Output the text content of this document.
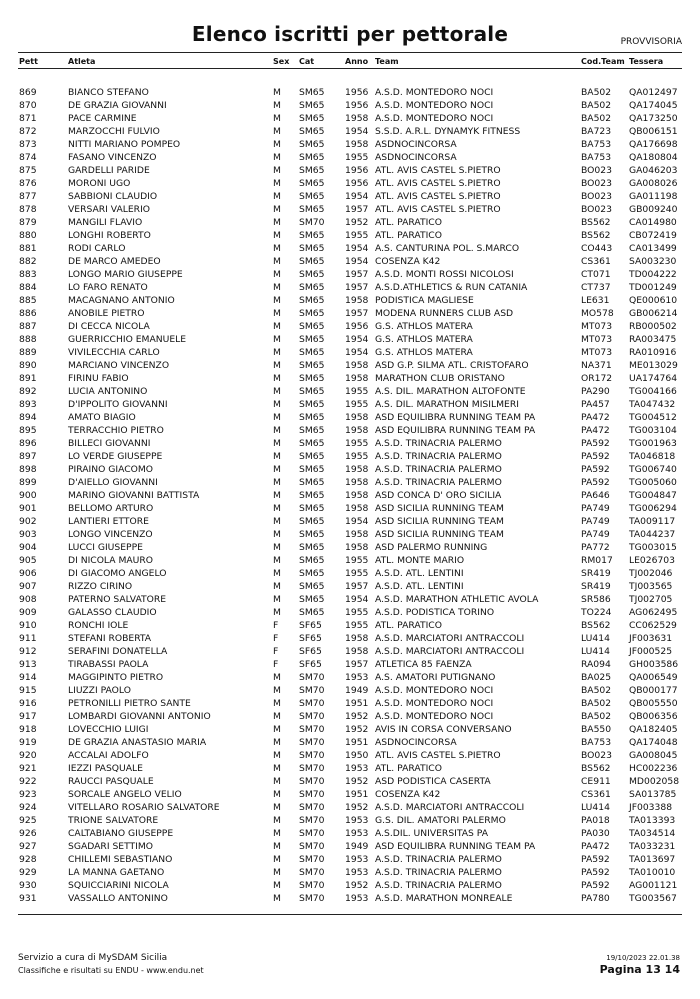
Elenco iscritti per pettorale	PROVVISORIA
Pett	Atleta	Sex Cat	Anno Team	Cod.Team Tessera
869	BIANCO STEFANO	M SM65 1956 A.S.D. MONTEDORO NOCI	BA502 QA012497
870	DE GRAZIA GIOVANNI	M SM65 1956 A.S.D. MONTEDORO NOCI	BA502 QA174045
871	PACE CARMINE	M SM65 1958 A.S.D. MONTEDORO NOCI	BA502 QA173250
872	MARZOCCHI FULVIO	M SM65 1954 S.S.D. A.R.L. DYNAMYK FITNESS	BA723 QB006151
873	NITTI MARIANO POMPEO	M SM65 1958 ASDNOCINCORSA	BA753 QA176698
874	FASANO VINCENZO	M SM65 1955 ASDNOCINCORSA	BA753 QA180804
875	GARDELLI PARIDE	M SM65 1956 ATL. AVIS CASTEL S.PIETRO	BO023 GA046203
876	MORONI UGO	M SM65 1956 ATL. AVIS CASTEL S.PIETRO	BO023 GA008026
877	SABBIONI CLAUDIO	M SM65 1954 ATL. AVIS CASTEL S.PIETRO	BO023 GA011198
878	VERSARI VALERIO	M SM65 1957 ATL. AVIS CASTEL S.PIETRO	BO023 GB009240
879	MANGILI FLAVIO	M SM70 1952 ATL. PARATICO	BS562 CA014980
880	LONGHI ROBERTO	M SM65 1955 ATL. PARATICO	BS562 CB072419
881	RODI CARLO	M SM65 1954 A.S. CANTURINA POL. S.MARCO	CO443 CA013499
882	DE MARCO AMEDEO	M SM65 1954 COSENZA K42	CS361 SA003230
883	LONGO MARIO GIUSEPPE	M SM65 1957 A.S.D. MONTI ROSSI NICOLOSI	CT071 TD004222
884	LO FARO RENATO	M SM65 1957 A.S.D.ATHLETICS & RUN CATANIA	CT737 TD001249
885	MACAGNANO ANTONIO	M SM65 1958 PODISTICA MAGLIESE	LE631 QE000610
886	ANOBILE PIETRO	M SM65 1957 MODENA RUNNERS CLUB ASD	MO578 GB006214
887	DI CECCA NICOLA	M SM65 1956 G.S. ATHLOS MATERA	MT073 RB000502
888	GUERRICCHIO EMANUELE	M SM65 1954 G.S. ATHLOS MATERA	MT073 RA003475
889	VIVILECCHIA CARLO	M SM65 1954 G.S. ATHLOS MATERA	MT073 RA010916
890	MARCIANO VINCENZO	M SM65 1958 ASD G.P. SILMA ATL. CRISTOFARO	NA371 ME013029
891	FIRINU FABIO	M SM65 1958 MARATHON CLUB ORISTANO	OR172 UA174764
892	LUCIA ANTONINO	M SM65 1955 A.S. DIL. MARATHON ALTOFONTE	PA290 TG004166
893	D'IPPOLITO GIOVANNI	M SM65 1955 A.S. DIL. MARATHON MISILMERI	PA457 TA047432
894	AMATO BIAGIO	M SM65 1958 ASD EQUILIBRA RUNNING TEAM PA	PA472 TG004512
895	TERRACCHIO PIETRO	M SM65 1958 ASD EQUILIBRA RUNNING TEAM PA	PA472 TG003104
896	BILLECI GIOVANNI	M SM65 1955 A.S.D. TRINACRIA PALERMO	PA592 TG001963
897	LO VERDE GIUSEPPE	M SM65 1955 A.S.D. TRINACRIA PALERMO	PA592 TA046818
898	PIRAINO GIACOMO	M SM65 1958 A.S.D. TRINACRIA PALERMO	PA592 TG006740
899	D'AIELLO GIOVANNI	M SM65 1958 A.S.D. TRINACRIA PALERMO	PA592 TG005060
900	MARINO GIOVANNI BATTISTA	M SM65 1958 ASD CONCA D' ORO SICILIA	PA646 TG004847
901	BELLOMO ARTURO	M SM65 1958 ASD SICILIA RUNNING TEAM	PA749 TG006294
902	LANTIERI ETTORE	M SM65 1954 ASD SICILIA RUNNING TEAM	PA749 TA009117
903	LONGO VINCENZO	M SM65 1958 ASD SICILIA RUNNING TEAM	PA749 TA044237
904	LUCCI GIUSEPPE	M SM65 1958 ASD PALERMO RUNNING	PA772 TG003015
905	DI NICOLA MAURO	M SM65 1955 ATL. MONTE MARIO	RM017 LE026703
906	DI GIACOMO ANGELO	M SM65 1955 A.S.D. ATL. LENTINI	SR419 TJ002046
907	RIZZO CIRINO	M SM65 1957 A.S.D. ATL. LENTINI	SR419 TJ003565
908	PATERNO SALVATORE	M SM65 1954 A.S.D. MARATHON ATHLETIC AVOLA	SR586 TJ002705
909	GALASSO CLAUDIO	M SM65 1955 A.S.D. PODISTICA TORINO	TO224 AG062495
910	RONCHI IOLE	F SF65	1955 ATL. PARATICO	BS562 CC062529
911	STEFANI ROBERTA	F SF65	1958 A.S.D. MARCIATORI ANTRACCOLI	LU414 JF003631
912	SERAFINI DONATELLA	F SF65	1958 A.S.D. MARCIATORI ANTRACCOLI	LU414 JF000525
913	TIRABASSI PAOLA	F SF65	1957 ATLETICA 85 FAENZA	RA094 GH003586
914	MAGGIPINTO PIETRO	M SM70 1953 A.S. AMATORI PUTIGNANO	BA025 QA006549
915	LIUZZI PAOLO	M SM70 1949 A.S.D. MONTEDORO NOCI	BA502 QB000177
916	PETRONILLI PIETRO SANTE	M SM70 1951 A.S.D. MONTEDORO NOCI	BA502 QB005550
917	LOMBARDI GIOVANNI ANTONIO	M SM70 1952 A.S.D. MONTEDORO NOCI	BA502 QB006356
918	LOVECCHIO LUIGI	M SM70 1952 AVIS IN CORSA CONVERSANO	BA550 QA182405
919	DE GRAZIA ANASTASIO MARIA	M SM70 1951 ASDNOCINCORSA	BA753 QA174048
920	ACCALAI ADOLFO	M SM70 1950 ATL. AVIS CASTEL S.PIETRO	BO023 GA008045
921	IEZZI PASQUALE	M SM70 1953 ATL. PARATICO	BS562 HC002236
922	RAUCCI PASQUALE	M SM70 1952 ASD PODISTICA CASERTA	CE911 MD002058
923	SORCALE ANGELO VELIO	M SM70 1951 COSENZA K42	CS361 SA013785
924	VITELLARO ROSARIO SALVATORE	M SM70 1952 A.S.D. MARCIATORI ANTRACCOLI	LU414 JF003388
925	TRIONE SALVATORE	M SM70 1953 G.S. DIL. AMATORI PALERMO	PA018 TA013393
926	CALTABIANO GIUSEPPE	M SM70 1953 A.S.DIL. UNIVERSITAS PA	PA030 TA034514
927	SGADARI SETTIMO	M SM70 1949 ASD EQUILIBRA RUNNING TEAM PA	PA472 TA033231
928	CHILLEMI SEBASTIANO	M SM70 1953 A.S.D. TRINACRIA PALERMO	PA592 TA013697
929	LA MANNA GAETANO	M SM70 1953 A.S.D. TRINACRIA PALERMO	PA592 TA010010
930	SQUICCIARINI NICOLA	M SM70 1952 A.S.D. TRINACRIA PALERMO	PA592 AG001121
931	VASSALLO ANTONINO	M SM70 1953 A.S.D. MARATHON MONREALE	PA780 TG003567
Servizio a cura di MySDAM Sicilia
Classifiche e risultati su ENDU - www.endu.net
19/10/2023 22.01.38
Pagina 13 14
